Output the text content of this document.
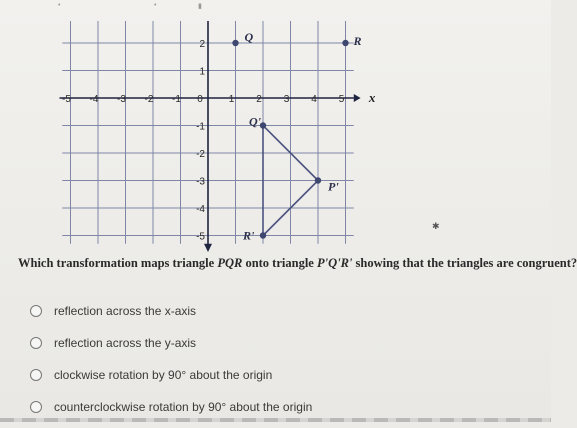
•	•	▮
x
-5 -4 -3 -2 -1 0	1 2 3 4 5
2
1
-1
-2
-3
-4
-5
Q	R
Q'
P'
R'
Which transformation maps triangle PQR onto triangle P'Q'R' showing that the triangles are congruent?
reflection across the x-axis
reflection across the y-axis
clockwise rotation by 90° about the origin
counterclockwise rotation by 90° about the origin
✱
